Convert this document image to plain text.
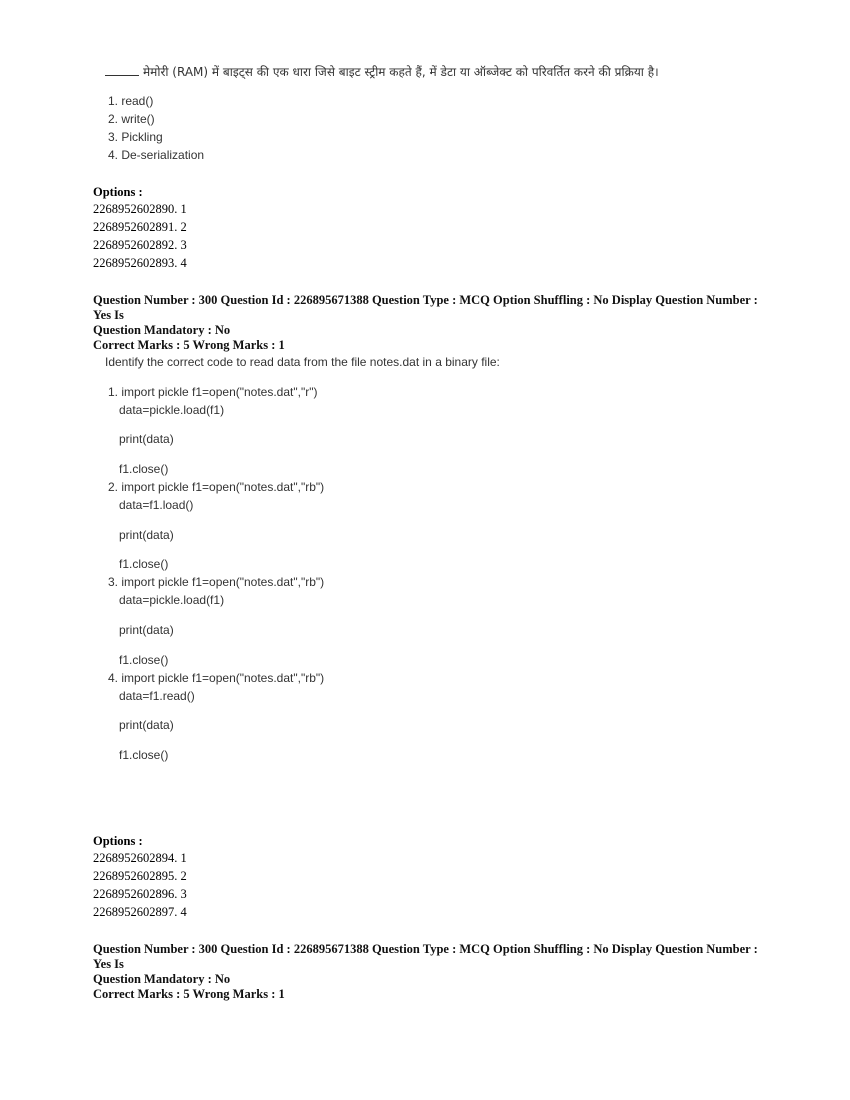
मेमोरी (RAM) में बाइट्स की एक धारा जिसे बाइट स्ट्रीम कहते हैं, में डेटा या ऑब्जेक्ट को परिवर्तित करने की प्रक्रिया है।
1. read()
2. write()
3. Pickling
4. De-serialization
Options :
2268952602890. 1
2268952602891. 2
2268952602892. 3
2268952602893. 4
Question Number : 300 Question Id : 226895671388 Question Type : MCQ Option Shuffling : No Display Question Number : Yes Is
Question Mandatory : No
Correct Marks : 5 Wrong Marks : 1
Identify the correct code to read data from the file notes.dat in a binary file:
1. import pickle f1=open("notes.dat","r")
data=pickle.load(f1)
print(data)
f1.close()
2. import pickle f1=open("notes.dat","rb")
data=f1.load()
print(data)
f1.close()
3. import pickle f1=open("notes.dat","rb")
data=pickle.load(f1)
print(data)
f1.close()
4. import pickle f1=open("notes.dat","rb")
data=f1.read()
print(data)
f1.close()
Options :
2268952602894. 1
2268952602895. 2
2268952602896. 3
2268952602897. 4
Question Number : 300 Question Id : 226895671388 Question Type : MCQ Option Shuffling : No Display Question Number : Yes Is
Question Mandatory : No
Correct Marks : 5 Wrong Marks : 1
